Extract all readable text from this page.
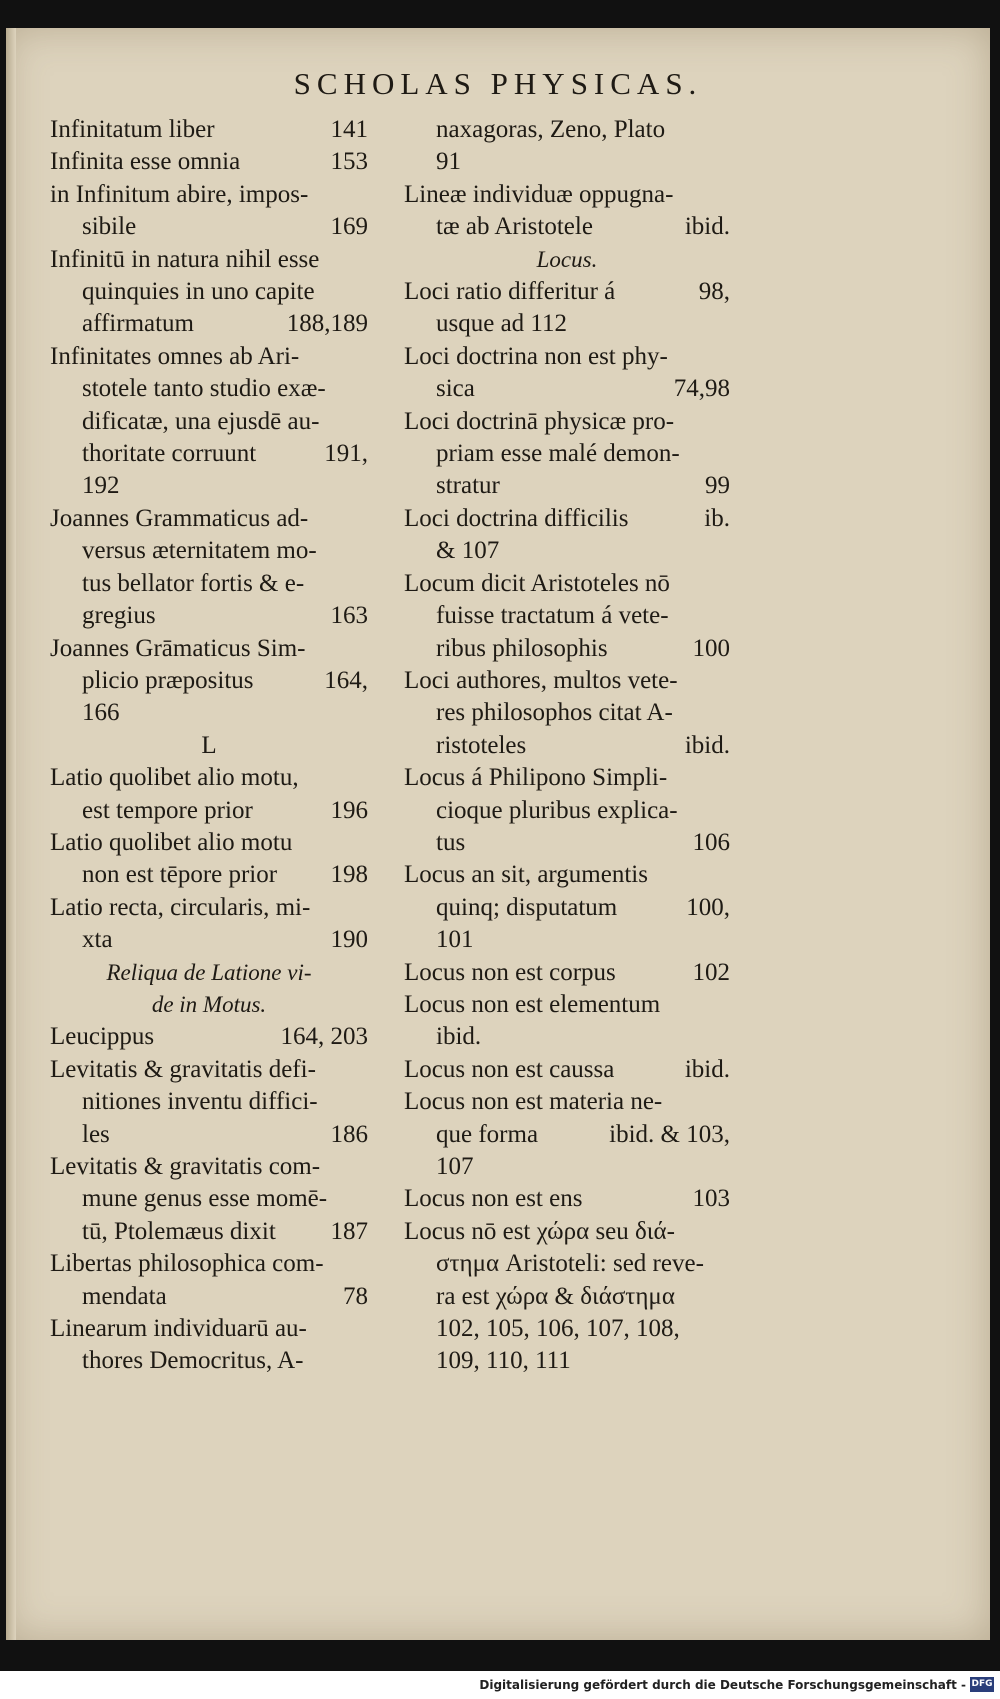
SCHOLAS PHYSICAS.
141
Infinitatum liber
153
Infinita esse omnia
in Infinitum abire, impos-
169
sibile
Infinitū in natura nihil esse
quinquies in uno capite
188,189
affirmatum
Infinitates omnes ab Ari-
stotele tanto studio exæ-
dificatæ, una ejusdē au-
191,
thoritate corruunt
192
Joannes Grammaticus ad-
versus æternitatem mo-
tus bellator fortis & e-
163
gregius
Joannes Grāmaticus Sim-
164,
plicio præpositus
166
L
Latio quolibet alio motu,
196
est tempore prior
Latio quolibet alio motu
198
non est tēpore prior
Latio recta, circularis, mi-
190
xta
Reliqua de Latione vi-
de in Motus.
164, 203
Leucippus
Levitatis & gravitatis defi-
nitiones inventu diffici-
186
les
Levitatis & gravitatis com-
mune genus esse momē-
187
tū, Ptolemæus dixit
Libertas philosophica com-
78
mendata
Linearum individuarū au-
thores Democritus, A-
naxagoras, Zeno, Plato
91
Lineæ individuæ oppugna-
ibid.
tæ ab Aristotele
Locus.
98,
Loci ratio differitur á
usque ad 112
Loci doctrina non est phy-
74,98
sica
Loci doctrinā physicæ pro-
priam esse malé demon-
99
stratur
ib.
Loci doctrina difficilis
& 107
Locum dicit Aristoteles nō
fuisse tractatum á vete-
100
ribus philosophis
Loci authores, multos vete-
res philosophos citat A-
ibid.
ristoteles
Locus á Philipono Simpli-
cioque pluribus explica-
106
tus
Locus an sit, argumentis
100,
quinq; disputatum
101
102
Locus non est corpus
Locus non est elementum
ibid.
ibid.
Locus non est caussa
Locus non est materia ne-
ibid. & 103,
que forma
107
103
Locus non est ens
Locus nō est χώρα seu διά-
στημα Aristoteli: sed reve-
ra est χώρα & διάστημα
102, 105, 106, 107, 108,
109, 110, 111
Digitalisierung gefördert durch die Deutsche Forschungsgemeinschaft - DFG
